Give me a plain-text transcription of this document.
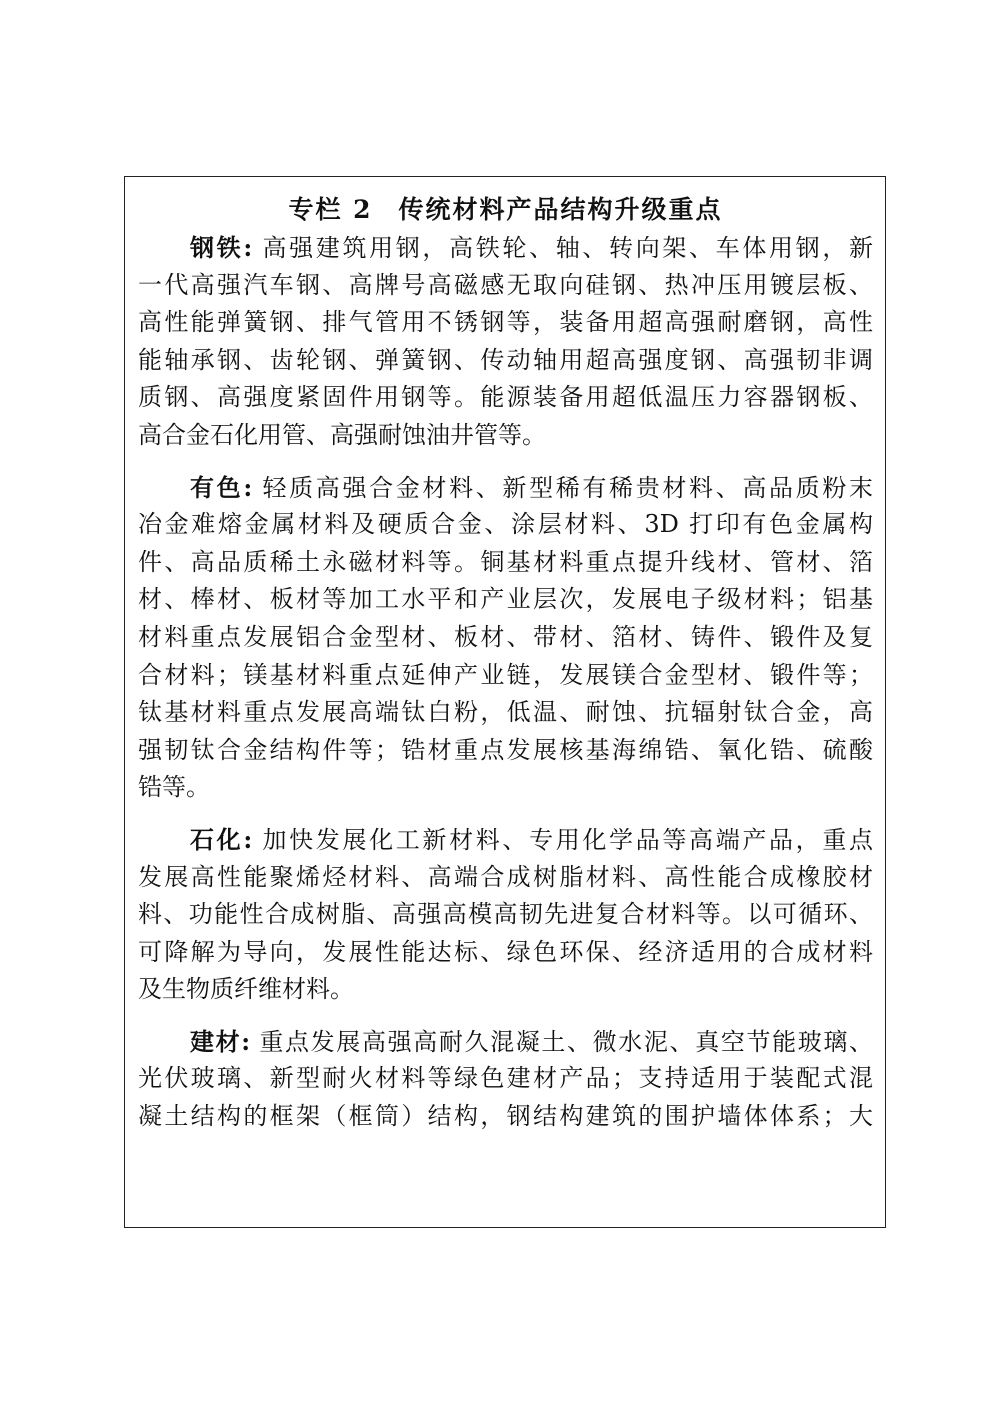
专栏 2 传统材料产品结构升级重点
钢铁: 高强建筑用钢，高铁轮、轴、转向架、车体用钢，新
一代高强汽车钢、高牌号高磁感无取向硅钢、热冲压用镀层板、
高性能弹簧钢、排气管用不锈钢等，装备用超高强耐磨钢，高性
能轴承钢、齿轮钢、弹簧钢、传动轴用超高强度钢、高强韧非调
质钢、高强度紧固件用钢等。能源装备用超低温压力容器钢板、
高合金石化用管、高强耐蚀油井管等。
有色: 轻质高强合金材料、新型稀有稀贵材料、高品质粉末
冶金难熔金属材料及硬质合金、涂层材料、3D 打印有色金属构
件、高品质稀土永磁材料等。铜基材料重点提升线材、管材、箔
材、棒材、板材等加工水平和产业层次，发展电子级材料；铝基
材料重点发展铝合金型材、板材、带材、箔材、铸件、锻件及复
合材料；镁基材料重点延伸产业链，发展镁合金型材、锻件等；
钛基材料重点发展高端钛白粉，低温、耐蚀、抗辐射钛合金，高
强韧钛合金结构件等；锆材重点发展核基海绵锆、氧化锆、硫酸
锆等。
石化: 加快发展化工新材料、专用化学品等高端产品，重点
发展高性能聚烯烃材料、高端合成树脂材料、高性能合成橡胶材
料、功能性合成树脂、高强高模高韧先进复合材料等。以可循环、
可降解为导向，发展性能达标、绿色环保、经济适用的合成材料
及生物质纤维材料。
建材: 重点发展高强高耐久混凝土、微水泥、真空节能玻璃、
光伏玻璃、新型耐火材料等绿色建材产品；支持适用于装配式混
凝土结构的框架（框筒）结构，钢结构建筑的围护墙体体系；大
